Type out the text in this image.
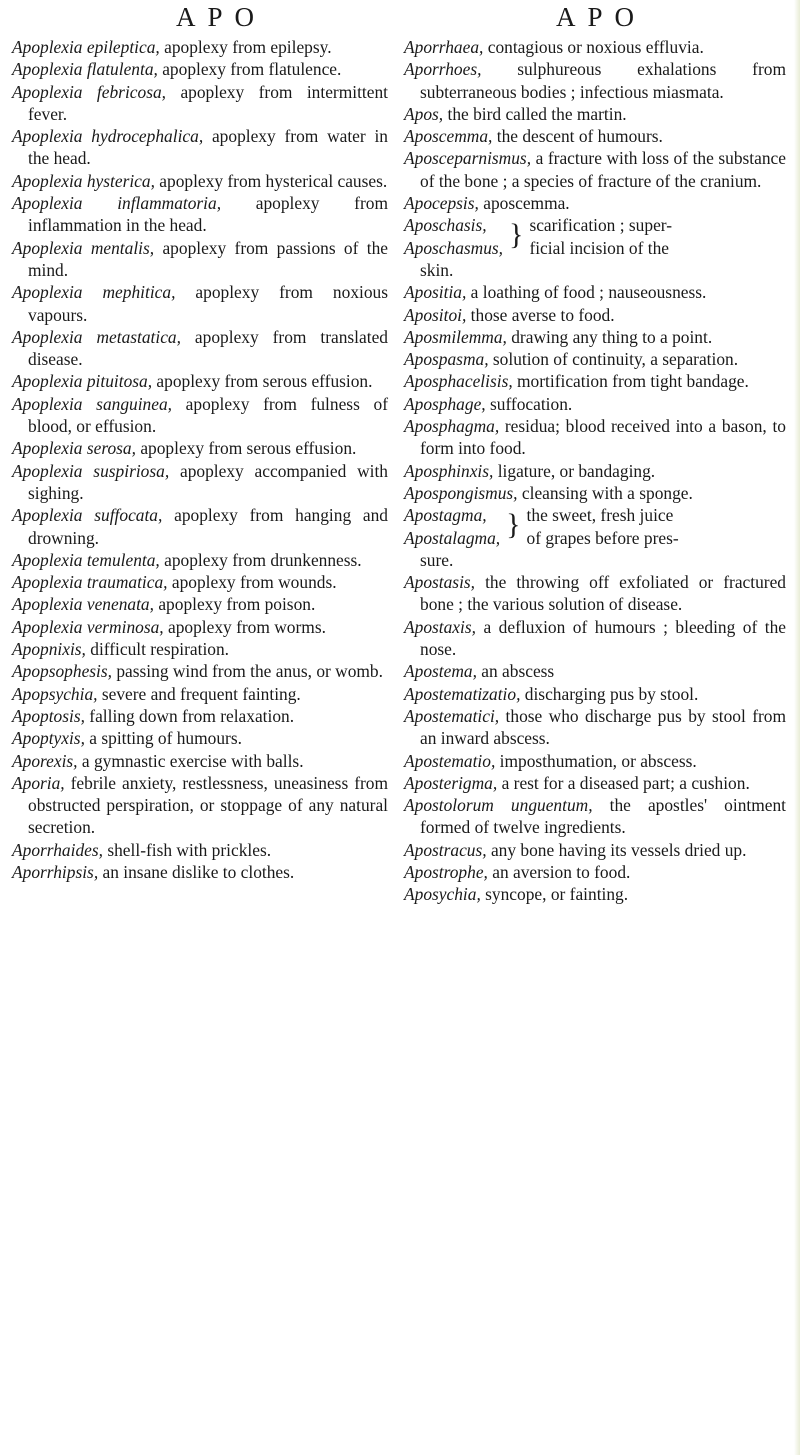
APO	APO

Apoplexia epileptica, apoplexy from epilepsy.

Apoplexia flatulenta, apoplexy from flatulence.

Apoplexia febricosa, apoplexy from intermittent fever.

Apoplexia hydrocephalica, apoplexy from water in the head.

Apoplexia hysterica, apoplexy from hysterical causes.

Apoplexia inflammatoria, apoplexy from inflammation in the head.

Apoplexia mentalis, apoplexy from passions of the mind.

Apoplexia mephitica, apoplexy from noxious vapours.

Apoplexia metastatica, apoplexy from translated disease.

Apoplexia pituitosa, apoplexy from serous effusion.

Apoplexia sanguinea, apoplexy from fulness of blood, or effusion.

Apoplexia serosa, apoplexy from serous effusion.

Apoplexia suspiriosa, apoplexy accompanied with sighing.

Apoplexia suffocata, apoplexy from hanging and drowning.

Apoplexia temulenta, apoplexy from drunkenness.

Apoplexia traumatica, apoplexy from wounds.

Apoplexia venenata, apoplexy from poison.

Apoplexia verminosa, apoplexy from worms.

Apopnixis, difficult respiration.

Apopsophesis, passing wind from the anus, or womb.

Apopsychia, severe and frequent fainting.

Apoptosis, falling down from relaxation.

Apoptyxis, a spitting of humours.

Aporexis, a gymnastic exercise with balls.

Aporia, febrile anxiety, restlessness, uneasiness from obstructed perspiration, or stoppage of any natural secretion.

Aporrhaides, shell-fish with prickles.

Aporrhipsis, an insane dislike to clothes.

Aporrhaea, contagious or noxious effluvia.

Aporrhoes, sulphureous exhalations from subterraneous bodies ; infectious miasmata.

Apos, the bird called the martin.

Aposcemma, the descent of humours.

Aposceparnismus, a fracture with loss of the substance of the bone ; a species of fracture of the cranium.

Apocepsis, aposcemma.

Aposchasis,
Aposchasmus, } scarification ; super-
ficial incision of the
skin.

Apositia, a loathing of food ; nauseousness.

Apositoi, those averse to food.

Aposmilemma, drawing any thing to a point.

Apospasma, solution of continuity, a separation.

Aposphacelisis, mortification from tight bandage.

Aposphage, suffocation.

Aposphagma, residua; blood received into a bason, to form into food.

Aposphinxis, ligature, or bandaging.

Apospongismus, cleansing with a sponge.

Apostagma,
Apostalagma, } the sweet, fresh juice
of grapes before pres-
sure.

Apostasis, the throwing off exfoliated or fractured bone ; the various solution of disease.

Apostaxis, a defluxion of humours ; bleeding of the nose.

Apostema, an abscess

Apostematizatio, discharging pus by stool.

Apostematici, those who discharge pus by stool from an inward abscess.

Apostematio, imposthumation, or abscess.

Aposterigma, a rest for a diseased part; a cushion.

Apostolorum unguentum, the apostles' ointment formed of twelve ingredients.

Apostracus, any bone having its vessels dried up.

Apostrophe, an aversion to food.

Aposychia, syncope, or fainting.
